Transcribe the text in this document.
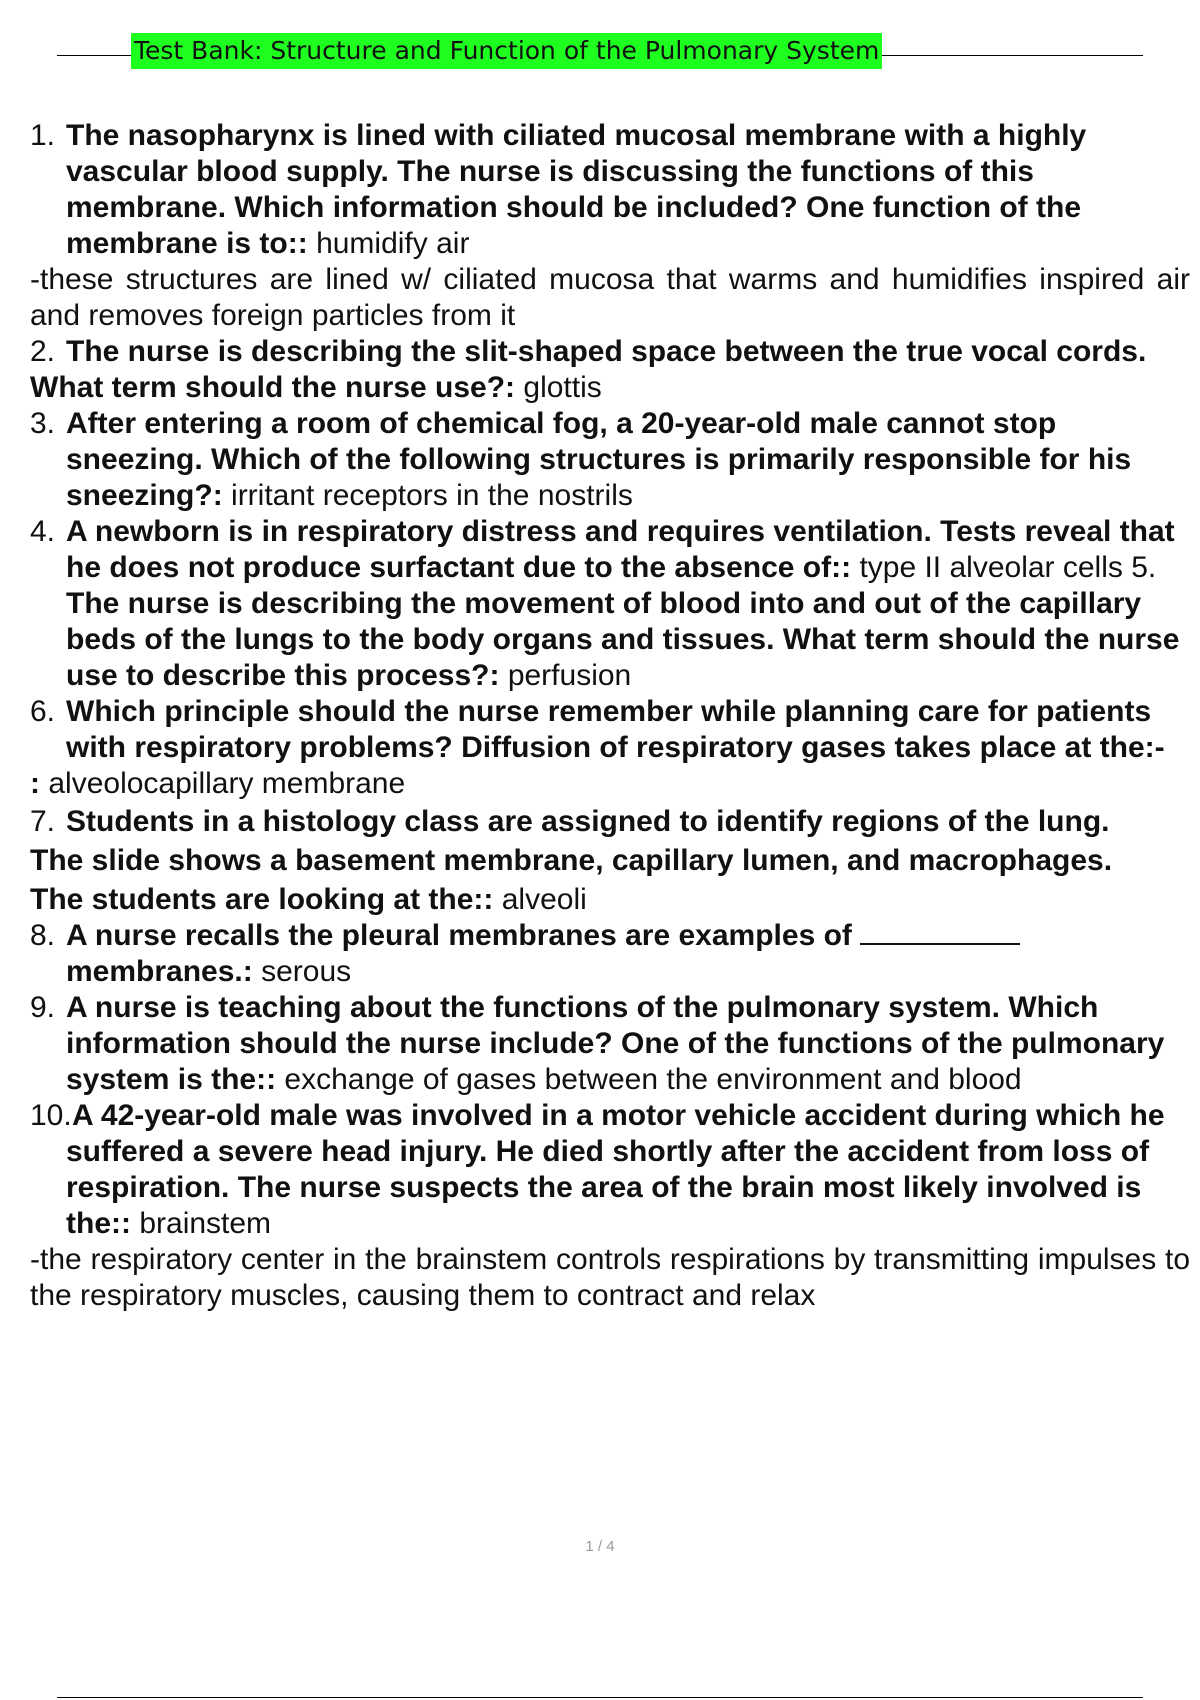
Test Bank: Structure and Function of the Pulmonary System
1. The nasopharynx is lined with ciliated mucosal membrane with a highly vascular blood supply. The nurse is discussing the functions of this membrane. Which information should be included? One function of the membrane is to:: humidify air
-these structures are lined w/ ciliated mucosa that warms and humidifies inspired air and removes foreign particles from it
2. The nurse is describing the slit-shaped space between the true vocal cords.
What term should the nurse use?: glottis
3. After entering a room of chemical fog, a 20-year-old male cannot stop sneezing. Which of the following structures is primarily responsible for his sneezing?: irritant receptors in the nostrils
4. A newborn is in respiratory distress and requires ventilation. Tests reveal that he does not produce surfactant due to the absence of:: type II alveolar cells 5. The nurse is describing the movement of blood into and out of the capillary beds of the lungs to the body organs and tissues. What term should the nurse use to describe this process?: perfusion
6. Which principle should the nurse remember while planning care for patients with respiratory problems? Diffusion of respiratory gases takes place at the:-
: alveolocapillary membrane
7. Students in a histology class are assigned to identify regions of the lung.
The slide shows a basement membrane, capillary lumen, and macrophages.
The students are looking at the:: alveoli
8. A nurse recalls the pleural membranes are examples of
membranes.: serous
9. A nurse is teaching about the functions of the pulmonary system. Which information should the nurse include? One of the functions of the pulmonary system is the:: exchange of gases between the environment and blood
10. A 42-year-old male was involved in a motor vehicle accident during which he suffered a severe head injury. He died shortly after the accident from loss of respiration. The nurse suspects the area of the brain most likely involved is the:: brainstem
-the respiratory center in the brainstem controls respirations by transmitting impulses to the respiratory muscles, causing them to contract and relax
1 / 4
